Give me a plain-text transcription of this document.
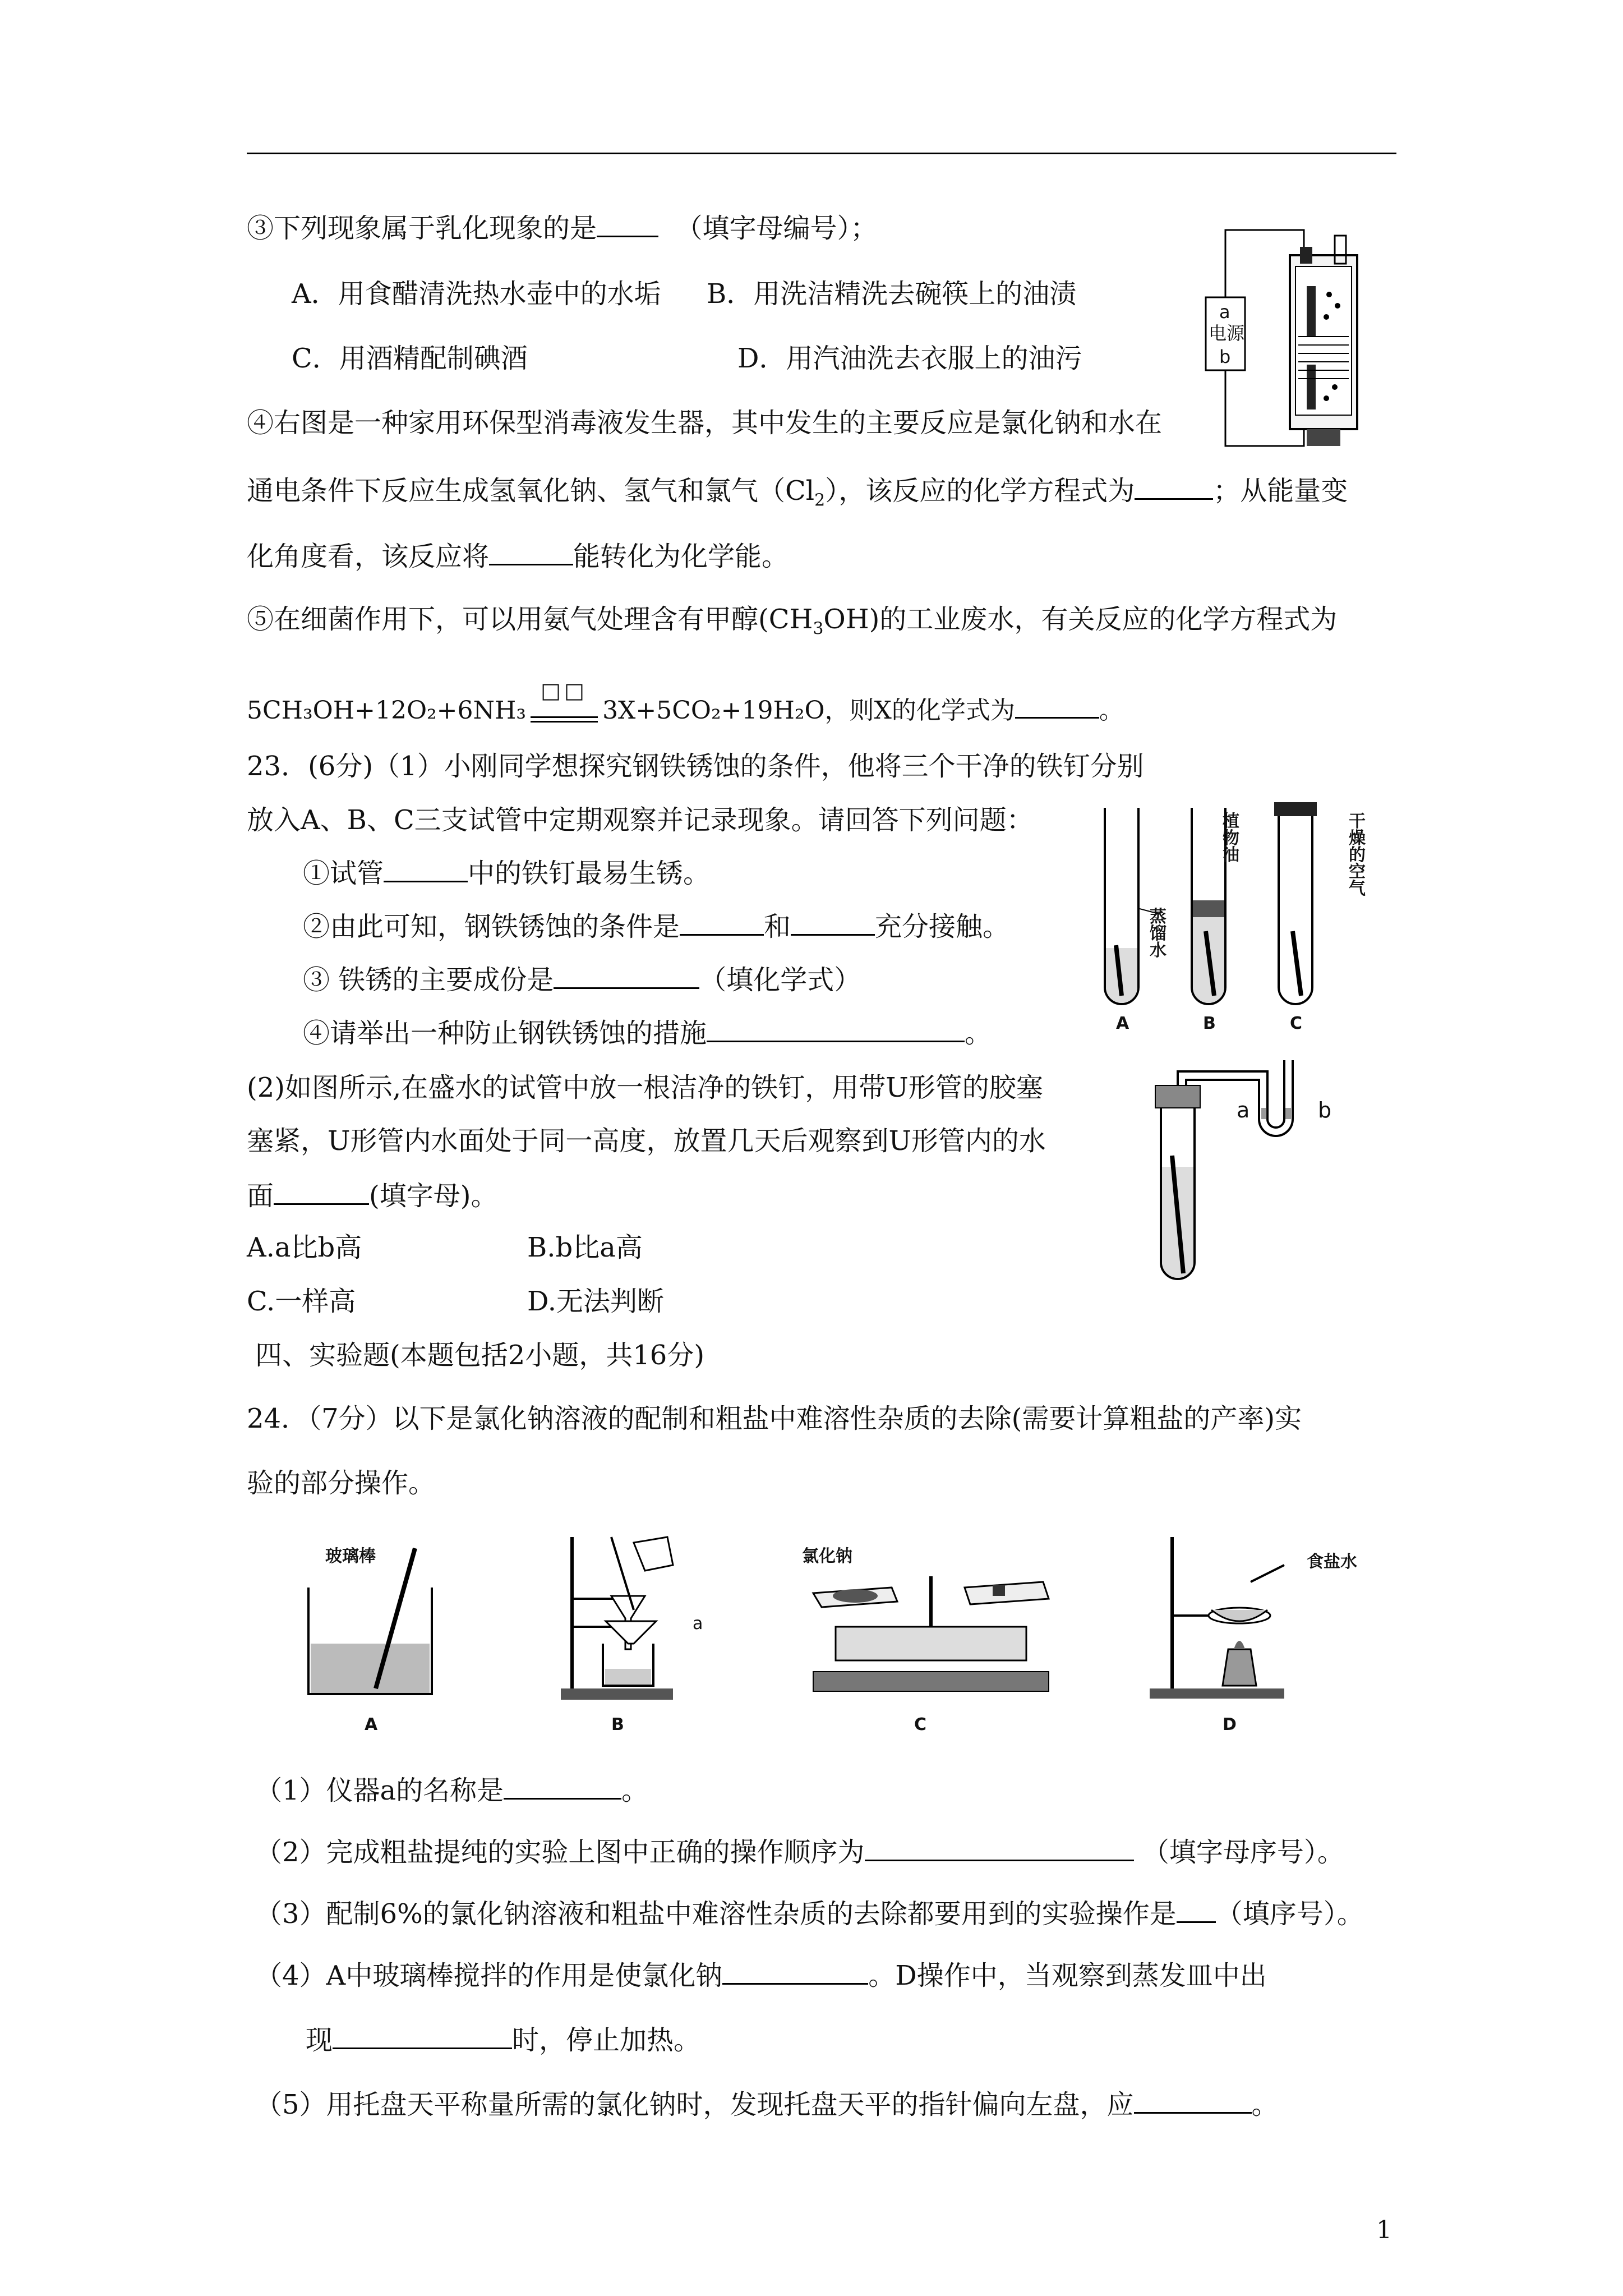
③下列现象属于乳化现象的是	（填字母编号）；
A．用食醋清洗热水壶中的水垢 B．用洗洁精洗去碗筷上的油渍
C．用酒精配制碘酒	D．用汽油洗去衣服上的油污
④右图是一种家用环保型消毒液发生器，其中发生的主要反应是氯化钠和水在
通电条件下反应生成氢氧化钠、氢气和氯气$(Cl_2)$，该反应的化学方程式为	；从能量变
化角度看，该反应将	能转化为化学能。
⑤在细菌作用下，可以用氨气处理含有甲醇$(CH_3OH)$的工业废水，有关反应的化学方程式为
5CH₃OH+12O₂+6NH₃
□□
3X+5CO₂+19H₂O，则X的化学式为	。
a
电源
b
23．(6分)（1）小刚同学想探究钢铁锈蚀的条件，他将三个干净的铁钉分别
放入A、B、C三支试管中定期观察并记录现象。请回答下列问题：
①试管	中的铁钉最易生锈。
②由此可知，钢铁锈蚀的条件是	和	充分接触。
③ 铁锈的主要成份是	（填化学式）
④请举出一种防止钢铁锈蚀的措施	。
植物油
蒸馏水
干燥的空气
A	B	C
(2)如图所示,在盛水的试管中放一根洁净的铁钉，用带U形管的胶塞
塞紧，U形管内水面处于同一高度，放置几天后观察到U形管内的水
面	(填字母)。
A.a比b高	B.b比a高
C.一样高	D.无法判断
a	b
四、实验题(本题包括2小题，共16分)
24．（7分）以下是氯化钠溶液的配制和粗盐中难溶性杂质的去除(需要计算粗盐的产率)实
验的部分操作。
玻璃棒
a
氯化钠	食盐水
A	B	C	D
（1）仪器a的名称是	。
（2）完成粗盐提纯的实验上图中正确的操作顺序为	（填字母序号）。
（3）配制6%的氯化钠溶液和粗盐中难溶性杂质的去除都要用到的实验操作是 （填序号）。
（4）A中玻璃棒搅拌的作用是使氯化钠	。D操作中，当观察到蒸发皿中出
现	时，停止加热。
（5）用托盘天平称量所需的氯化钠时，发现托盘天平的指针偏向左盘，应	。
1
